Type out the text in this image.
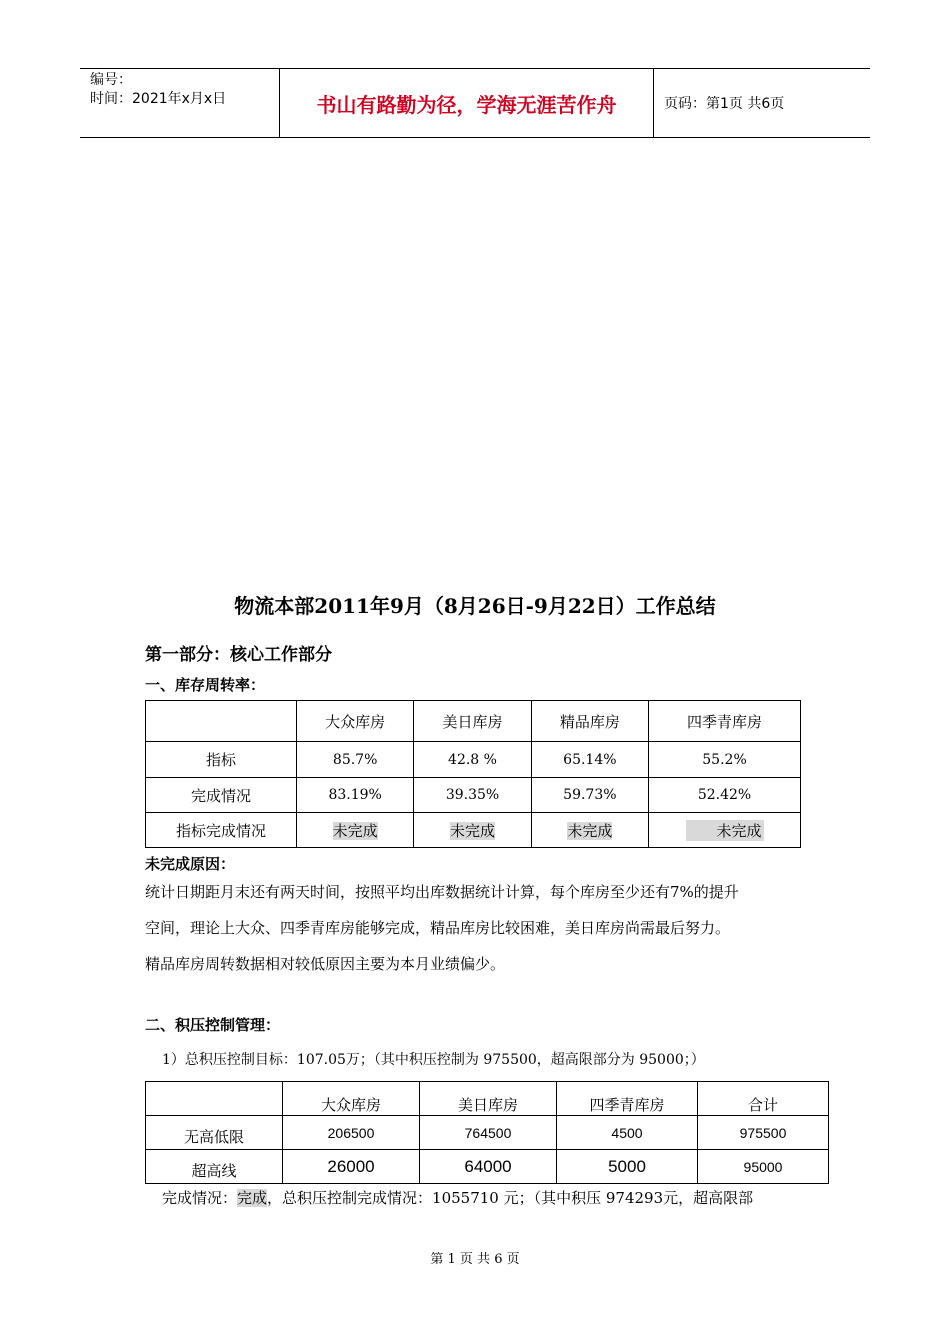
编号：
时间：2021年x月x日	书山有路勤为径，学海无涯苦作舟	页码：第1页 共6页
物流本部2011年9月（8月26日-9月22日）工作总结
第一部分：核心工作部分
一、库存周转率：
	大众库房	美日库房	精品库房	四季青库房
指标	85.7%	42.8 %	65.14%	55.2%
完成情况	83.19%	39.35%	59.73%	52.42%
指标完成情况	未完成	未完成	未完成	未完成
未完成原因：
统计日期距月末还有两天时间，按照平均出库数据统计计算，每个库房至少还有7%的提升
空间，理论上大众、四季青库房能够完成，精品库房比较困难，美日库房尚需最后努力。
精品库房周转数据相对较低原因主要为本月业绩偏少。
二、积压控制管理：
1）总积压控制目标：107.05万；（其中积压控制为 975500，超高限部分为 95000；）
	大众库房	美日库房	四季青库房	合计
无高低限	206500	764500	4500	975500
超高线	26000	64000	5000	95000
完成情况：完成，总积压控制完成情况：1055710 元；（其中积压 974293元，超高限部
第 1 页 共 6 页
